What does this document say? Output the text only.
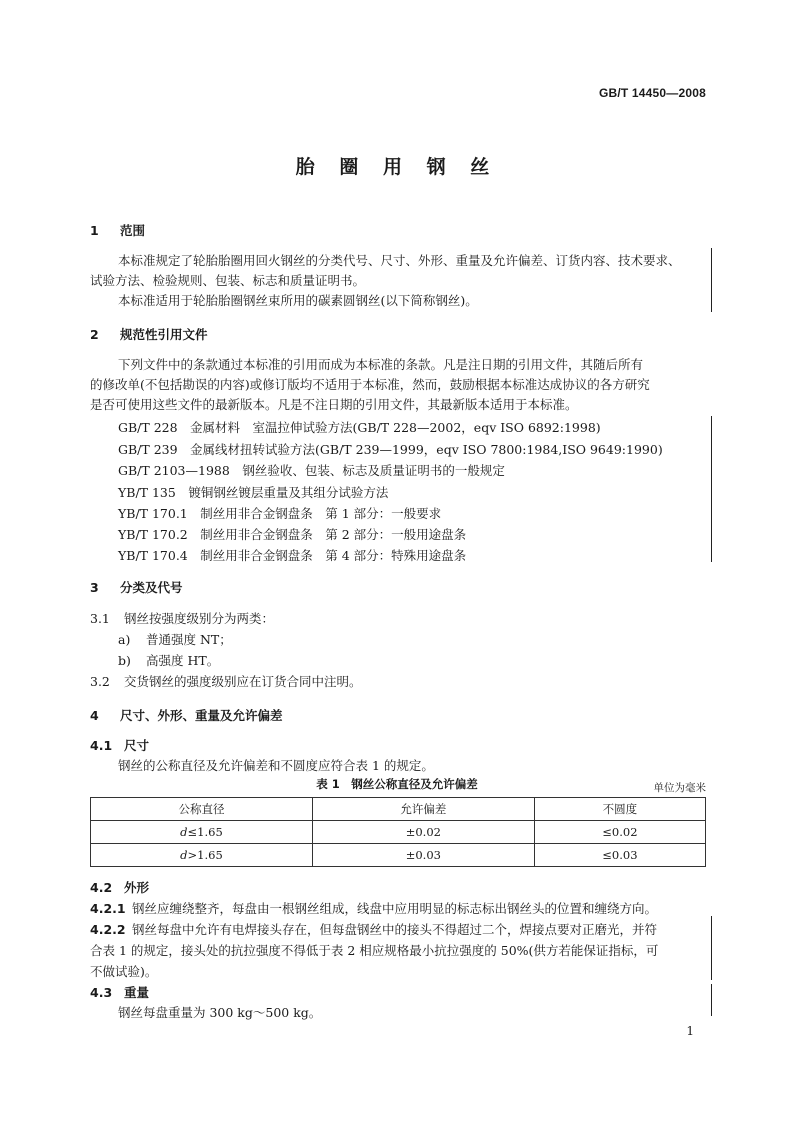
GB/T 14450—2008
胎 圈 用 钢 丝
1 范围
本标准规定了轮胎胎圈用回火钢丝的分类代号、尺寸、外形、重量及允许偏差、订货内容、技术要求、
试验方法、检验规则、包装、标志和质量证明书。
本标准适用于轮胎胎圈钢丝束所用的碳素圆钢丝(以下简称钢丝)。
2 规范性引用文件
下列文件中的条款通过本标准的引用而成为本标准的条款。凡是注日期的引用文件，其随后所有
的修改单(不包括勘误的内容)或修订版均不适用于本标准，然而，鼓励根据本标准达成协议的各方研究
是否可使用这些文件的最新版本。凡是不注日期的引用文件，其最新版本适用于本标准。
GB/T 228　金属材料　室温拉伸试验方法(GB/T 228—2002，eqv ISO 6892:1998)
GB/T 239　金属线材扭转试验方法(GB/T 239—1999，eqv ISO 7800:1984,ISO 9649:1990)
GB/T 2103—1988　钢丝验收、包装、标志及质量证明书的一般规定
YB/T 135　镀铜钢丝镀层重量及其组分试验方法
YB/T 170.1　制丝用非合金钢盘条　第 1 部分：一般要求
YB/T 170.2　制丝用非合金钢盘条　第 2 部分：一般用途盘条
YB/T 170.4　制丝用非合金钢盘条　第 4 部分：特殊用途盘条
3 分类及代号
3.1 钢丝按强度级别分为两类：
a) 普通强度 NT；
b) 高强度 HT。
3.2 交货钢丝的强度级别应在订货合同中注明。
4 尺寸、外形、重量及允许偏差
4.1 尺寸
钢丝的公称直径及允许偏差和不圆度应符合表 1 的规定。
表 1　钢丝公称直径及允许偏差	单位为毫米
公称直径	允许偏差	不圆度
d≤1.65	±0.02	≤0.02
d>1.65	±0.03	≤0.03
4.2 外形
4.2.1 钢丝应缠绕整齐，每盘由一根钢丝组成，线盘中应用明显的标志标出钢丝头的位置和缠绕方向。
4.2.2 钢丝每盘中允许有电焊接头存在，但每盘钢丝中的接头不得超过二个，焊接点要对正磨光，并符
合表 1 的规定，接头处的抗拉强度不得低于表 2 相应规格最小抗拉强度的 50%(供方若能保证指标，可
不做试验)。
4.3 重量
钢丝每盘重量为 300 kg～500 kg。
1
